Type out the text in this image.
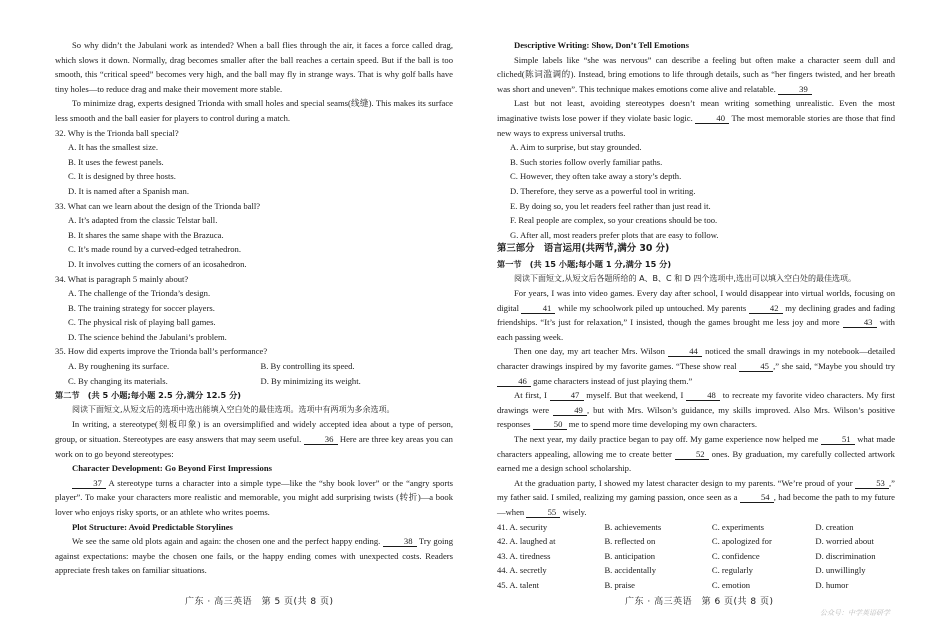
So why didn’t the Jabulani work as intended? When a ball flies through the air, it faces a force called drag, which slows it down. Normally, drag becomes smaller after the ball reaches a certain speed. But if the ball is too smooth, this “critical speed” becomes very high, and the ball may fly in strange ways. That is why golf balls have tiny holes—to reduce drag and make their movement more stable.

To minimize drag, experts designed Trionda with small holes and special seams(线缝). This makes its surface less smooth and the ball easier for players to control during a match.

32. Why is the Trionda ball special?

A. It has the smallest size.

B. It uses the fewest panels.

C. It is designed by three hosts.

D. It is named after a Spanish man.

33. What can we learn about the design of the Trionda ball?

A. It’s adapted from the classic Telstar ball.

B. It shares the same shape with the Brazuca.

C. It’s made round by a curved-edged tetrahedron.

D. It involves cutting the corners of an icosahedron.

34. What is paragraph 5 mainly about?

A. The challenge of the Trionda’s design.

B. The training strategy for soccer players.

C. The physical risk of playing ball games.

D. The science behind the Jabulani’s problem.

35. How did experts improve the Trionda ball’s performance?

A. By roughening its surface.	B. By controlling its speed.
C. By changing its materials.	D. By minimizing its weight.

第二节　(共 5 小题;每小题 2.5 分,满分 12.5 分)

阅读下面短文,从短文后的选项中选出能填入空白处的最佳选项。选项中有两项为多余选项。

In writing, a stereotype(刻板印象) is an oversimplified and widely accepted idea about a type of person, group, or situation. Stereotypes are easy answers that may seem useful.	36 Here are three key areas you can work on to go beyond stereotypes:

Character Development: Go Beyond First Impressions

37 A stereotype turns a character into a simple type—like the “shy book lover” or the “angry sports player”. To make your characters more realistic and memorable, you might add surprising twists (转折)—a book lover who enjoys risky sports, or an athlete who writes poems.

Plot Structure: Avoid Predictable Storylines

We see the same old plots again and again: the chosen one and the perfect happy ending.	38 Try going against expectations: maybe the chosen one fails, or the happy ending comes with unexpected costs. Readers appreciate fresh takes on familiar situations.

Descriptive Writing: Show, Don’t Tell Emotions

Simple labels like “she was nervous” can describe a feeling but often make a character seem dull and cliched(陈词滥调的). Instead, bring emotions to life through details, such as “her fingers twisted, and her breath was short and uneven”. This technique makes emotions come alive and relatable.	39

Last but not least, avoiding stereotypes doesn’t mean writing something unrealistic. Even the most imaginative twists lose power if they violate basic logic.	40 The most memorable stories are those that find new ways to express universal truths.

A. Aim to surprise, but stay grounded.

B. Such stories follow overly familiar paths.

C. However, they often take away a story’s depth.

D. Therefore, they serve as a powerful tool in writing.

E. By doing so, you let readers feel rather than just read it.

F. Real people are complex, so your creations should be too.

G. After all, most readers prefer plots that are easy to follow.

第三部分　语言运用(共两节,满分 30 分)

第一节　(共 15 小题;每小题 1 分,满分 15 分)

阅读下面短文,从短文后各题所给的 A、B、C 和 D 四个选项中,选出可以填入空白处的最佳选项。

For years, I was into video games. Every day after school, I would disappear into virtual worlds, focusing on digital	41 while my schoolwork piled up untouched. My parents	42 my declining grades and fading friendships. “It’s just for relaxation,” I insisted, though the games brought me less joy and more	43 with each passing week.

Then one day, my art teacher Mrs. Wilson	44 noticed the small drawings in my notebook—detailed character drawings inspired by my favorite games. “These show real	45 ,” she said, “Maybe you should try 46 game characters instead of just playing them.”

At first, I	47 myself. But that weekend, I	48 to recreate my favorite video characters. My first drawings were	49 , but with Mrs. Wilson’s guidance, my skills improved. Also Mrs. Wilson’s positive responses	50 me to spend more time developing my own characters.

The next year, my daily practice began to pay off. My game experience now helped me	51 what made characters appealing, allowing me to create better	52 ones. By graduation, my carefully collected artwork earned me a design school scholarship.

At the graduation party, I showed my latest character design to my parents. “We’re proud of your	53 ,” my father said. I smiled, realizing my gaming passion, once seen as a	54 , had become the path to my future—when	55 wisely.

41. A. security	B. achievements	C. experiments	D. creation
42. A. laughed at	B. reflected on	C. apologized for	D. worried about
43. A. tiredness	B. anticipation	C. confidence	D. discrimination
44. A. secretly	B. accidentally	C. regularly	D. unwillingly
45. A. talent	B. praise	C. emotion	D. humor
广东 · 高三英语　第 5 页(共 8 页)	广东 · 高三英语　第 6 页(共 8 页)
公众号：中学英语研学
